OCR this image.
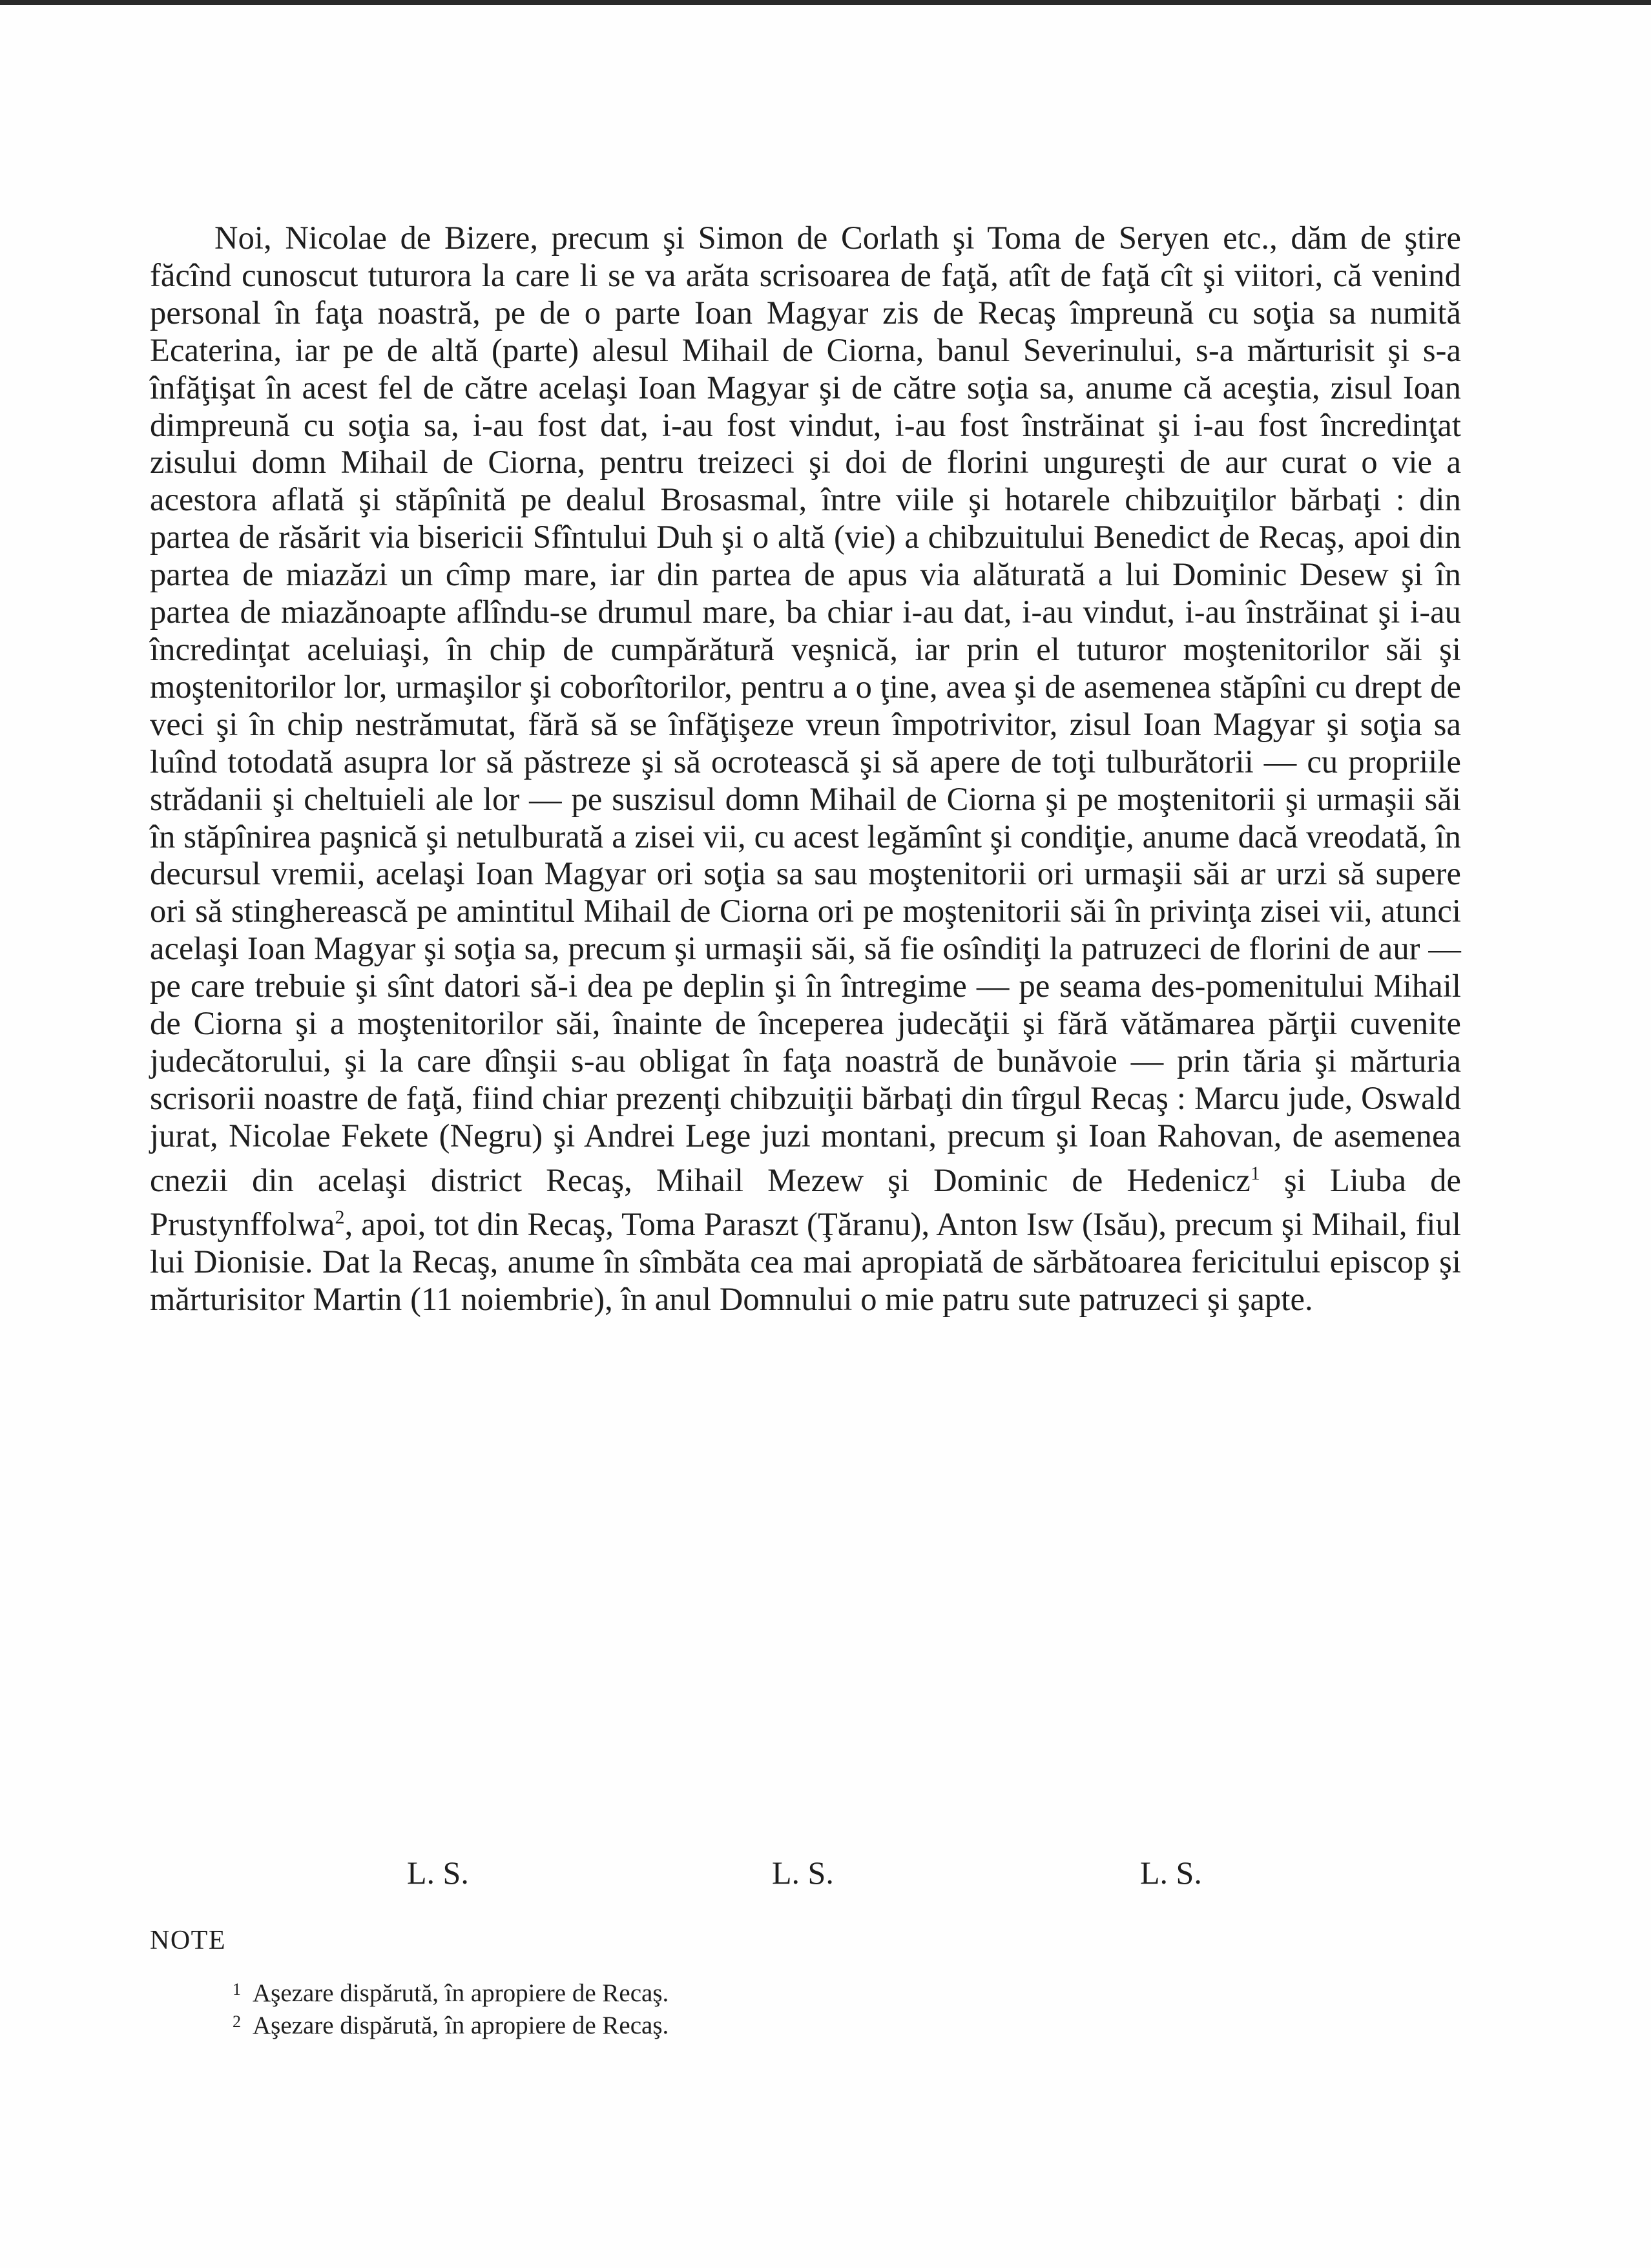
Noi, Nicolae de Bizere, precum şi Simon de Corlath şi Toma de Seryen etc., dăm de ştire făcînd cunoscut tuturora la care li se va arăta scrisoarea de faţă, atît de faţă cît şi viitori, că venind personal în faţa noastră, pe de o parte Ioan Magyar zis de Recaş împreună cu soţia sa numită Ecaterina, iar pe de altă (parte) alesul Mihail de Ciorna, banul Severinului, s-a mărturisit şi s-a înfăţişat în acest fel de către acelaşi Ioan Magyar şi de către soţia sa, anume că aceştia, zisul Ioan dimpreună cu soţia sa, i-au fost dat, i-au fost vindut, i-au fost înstrăinat şi i-au fost încredinţat zisului domn Mihail de Ciorna, pentru treizeci şi doi de florini ungureşti de aur curat o vie a acestora aflată şi stăpînită pe dealul Brosasmal, între viile şi hotarele chibzuiţilor bărbaţi : din partea de răsărit via bisericii Sfîntului Duh şi o altă (vie) a chibzuitului Benedict de Recaş, apoi din partea de miazăzi un cîmp mare, iar din partea de apus via alăturată a lui Dominic Desew şi în partea de miazănoapte aflîndu-se drumul mare, ba chiar i-au dat, i-au vindut, i-au înstrăinat şi i-au încredinţat aceluiaşi, în chip de cumpărătură veşnică, iar prin el tuturor moştenitorilor săi şi moştenitorilor lor, urmaşilor şi coborîtorilor, pentru a o ţine, avea şi de asemenea stăpîni cu drept de veci şi în chip nestrămutat, fără să se înfăţişeze vreun împotrivitor, zisul Ioan Magyar şi soţia sa luînd totodată asupra lor să păstreze şi să ocrotească şi să apere de toţi tulburătorii — cu propriile strădanii şi cheltuieli ale lor — pe suszisul domn Mihail de Ciorna şi pe moştenitorii şi urmaşii săi în stăpînirea paşnică şi netulburată a zisei vii, cu acest legămînt şi condiţie, anume dacă vreodată, în decursul vremii, acelaşi Ioan Magyar ori soţia sa sau moştenitorii ori urmaşii săi ar urzi să supere ori să stingherească pe amintitul Mihail de Ciorna ori pe moştenitorii săi în privinţa zisei vii, atunci acelaşi Ioan Magyar şi soţia sa, precum şi urmaşii săi, să fie osîndiţi la patruzeci de florini de aur — pe care trebuie şi sînt datori să-i dea pe deplin şi în întregime — pe seama des-pomenitului Mihail de Ciorna şi a moştenitorilor săi, înainte de începerea judecăţii şi fără vătămarea părţii cuvenite judecătorului, şi la care dînşii s-au obligat în faţa noastră de bunăvoie — prin tăria şi mărturia scrisorii noastre de faţă, fiind chiar prezenţi chibzuiţii bărbaţi din tîrgul Recaş : Marcu jude, Oswald jurat, Nicolae Fekete (Negru) şi Andrei Lege juzi montani, precum şi Ioan Rahovan, de asemenea cnezii din acelaşi district Recaş, Mihail Mezew şi Dominic de Hedenicz$^1$ şi Liuba de Prustynffolwa$^2$, apoi, tot din Recaş, Toma Paraszt (Ţăranu), Anton Isw (Isău), precum şi Mihail, fiul lui Dionisie. Dat la Recaş, anume în sîmbăta cea mai apropiată de sărbătoarea fericitului episcop şi mărturisitor Martin (11 noiembrie), în anul Domnului o mie patru sute patruzeci şi şapte.

L. S.	L. S.	L. S.
NOTE
$^1$ Aşezare dispărută, în apropiere de Recaş.
$^2$ Aşezare dispărută, în apropiere de Recaş.
